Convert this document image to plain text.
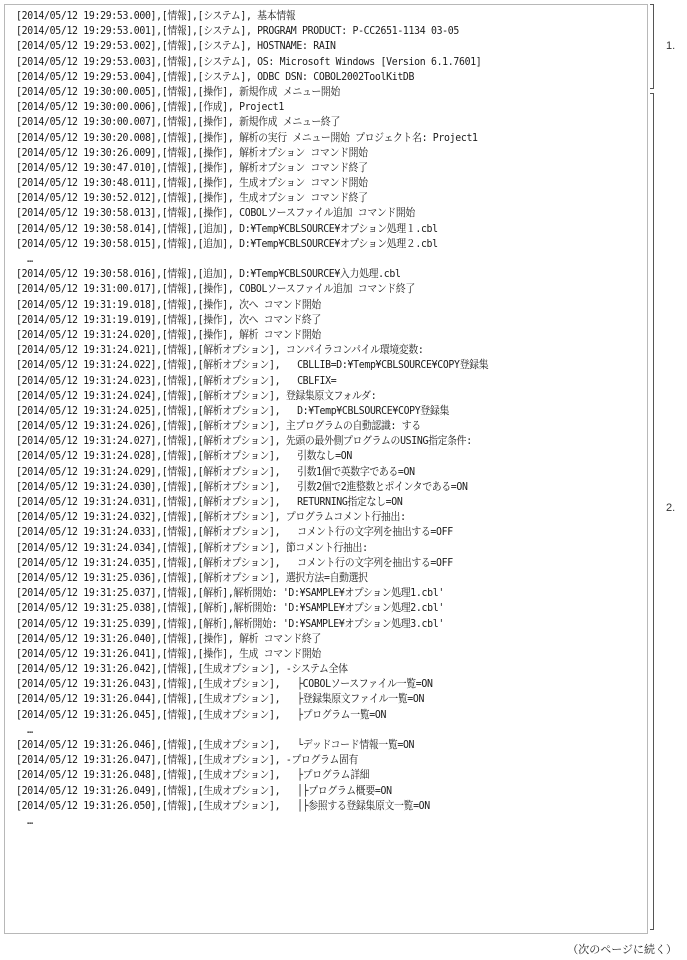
[2014/05/12 19:29:53.000],[情報],[システム], 基本情報
[2014/05/12 19:29:53.001],[情報],[システム], PROGRAM PRODUCT: P-CC2651-1134 03-05
[2014/05/12 19:29:53.002],[情報],[システム], HOSTNAME: RAIN
[2014/05/12 19:29:53.003],[情報],[システム], OS: Microsoft Windows [Version 6.1.7601]
[2014/05/12 19:29:53.004],[情報],[システム], ODBC DSN: COBOL2002ToolKitDB
[2014/05/12 19:30:00.005],[情報],[操作], 新規作成 メニュー開始
[2014/05/12 19:30:00.006],[情報],[作成], Project1
[2014/05/12 19:30:00.007],[情報],[操作], 新規作成 メニュー終了
[2014/05/12 19:30:20.008],[情報],[操作], 解析の実行 メニュー開始 プロジェクト名: Project1
[2014/05/12 19:30:26.009],[情報],[操作], 解析オプション コマンド開始
[2014/05/12 19:30:47.010],[情報],[操作], 解析オプション コマンド終了
[2014/05/12 19:30:48.011],[情報],[操作], 生成オプション コマンド開始
[2014/05/12 19:30:52.012],[情報],[操作], 生成オプション コマンド終了
[2014/05/12 19:30:58.013],[情報],[操作], COBOLソースファイル追加 コマンド開始
[2014/05/12 19:30:58.014],[情報],[追加], D:¥Temp¥CBLSOURCE¥オプション処理１.cbl
[2014/05/12 19:30:58.015],[情報],[追加], D:¥Temp¥CBLSOURCE¥オプション処理２.cbl
…
[2014/05/12 19:30:58.016],[情報],[追加], D:¥Temp¥CBLSOURCE¥入力処理.cbl
[2014/05/12 19:31:00.017],[情報],[操作], COBOLソースファイル追加 コマンド終了
[2014/05/12 19:31:19.018],[情報],[操作], 次へ コマンド開始
[2014/05/12 19:31:19.019],[情報],[操作], 次へ コマンド終了
[2014/05/12 19:31:24.020],[情報],[操作], 解析 コマンド開始
[2014/05/12 19:31:24.021],[情報],[解析オプション], コンパイラコンパイル環境変数:
[2014/05/12 19:31:24.022],[情報],[解析オプション],   CBLLIB=D:¥Temp¥CBLSOURCE¥COPY登録集
[2014/05/12 19:31:24.023],[情報],[解析オプション],   CBLFIX=
[2014/05/12 19:31:24.024],[情報],[解析オプション], 登録集原文フォルダ:
[2014/05/12 19:31:24.025],[情報],[解析オプション],   D:¥Temp¥CBLSOURCE¥COPY登録集
[2014/05/12 19:31:24.026],[情報],[解析オプション], 主プログラムの自動認識: する
[2014/05/12 19:31:24.027],[情報],[解析オプション], 先頭の最外側プログラムのUSING指定条件:
[2014/05/12 19:31:24.028],[情報],[解析オプション],   引数なし=ON
[2014/05/12 19:31:24.029],[情報],[解析オプション],   引数1個で英数字である=ON
[2014/05/12 19:31:24.030],[情報],[解析オプション],   引数2個で2進整数とポインタである=ON
[2014/05/12 19:31:24.031],[情報],[解析オプション],   RETURNING指定なし=ON
[2014/05/12 19:31:24.032],[情報],[解析オプション], プログラムコメント行抽出:
[2014/05/12 19:31:24.033],[情報],[解析オプション],   コメント行の文字列を抽出する=OFF
[2014/05/12 19:31:24.034],[情報],[解析オプション], 節コメント行抽出:
[2014/05/12 19:31:24.035],[情報],[解析オプション],   コメント行の文字列を抽出する=OFF
[2014/05/12 19:31:25.036],[情報],[解析オプション], 選択方法=自動選択
[2014/05/12 19:31:25.037],[情報],[解析],解析開始: 'D:¥SAMPLE¥オプション処理1.cbl'
[2014/05/12 19:31:25.038],[情報],[解析],解析開始: 'D:¥SAMPLE¥オプション処理2.cbl'
[2014/05/12 19:31:25.039],[情報],[解析],解析開始: 'D:¥SAMPLE¥オプション処理3.cbl'
[2014/05/12 19:31:26.040],[情報],[操作], 解析 コマンド終了
[2014/05/12 19:31:26.041],[情報],[操作], 生成 コマンド開始
[2014/05/12 19:31:26.042],[情報],[生成オプション], -システム全体
[2014/05/12 19:31:26.043],[情報],[生成オプション],   ├COBOLソースファイル一覧=ON
[2014/05/12 19:31:26.044],[情報],[生成オプション],   ├登録集原文ファイル一覧=ON
[2014/05/12 19:31:26.045],[情報],[生成オプション],   ├プログラム一覧=ON
…
[2014/05/12 19:31:26.046],[情報],[生成オプション],   └デッドコード情報一覧=ON
[2014/05/12 19:31:26.047],[情報],[生成オプション], -プログラム固有
[2014/05/12 19:31:26.048],[情報],[生成オプション],   ├プログラム詳細
[2014/05/12 19:31:26.049],[情報],[生成オプション],   │├プログラム概要=ON
[2014/05/12 19:31:26.050],[情報],[生成オプション],   │├参照する登録集原文一覧=ON
…
1.
2.
（次のページに続く）
